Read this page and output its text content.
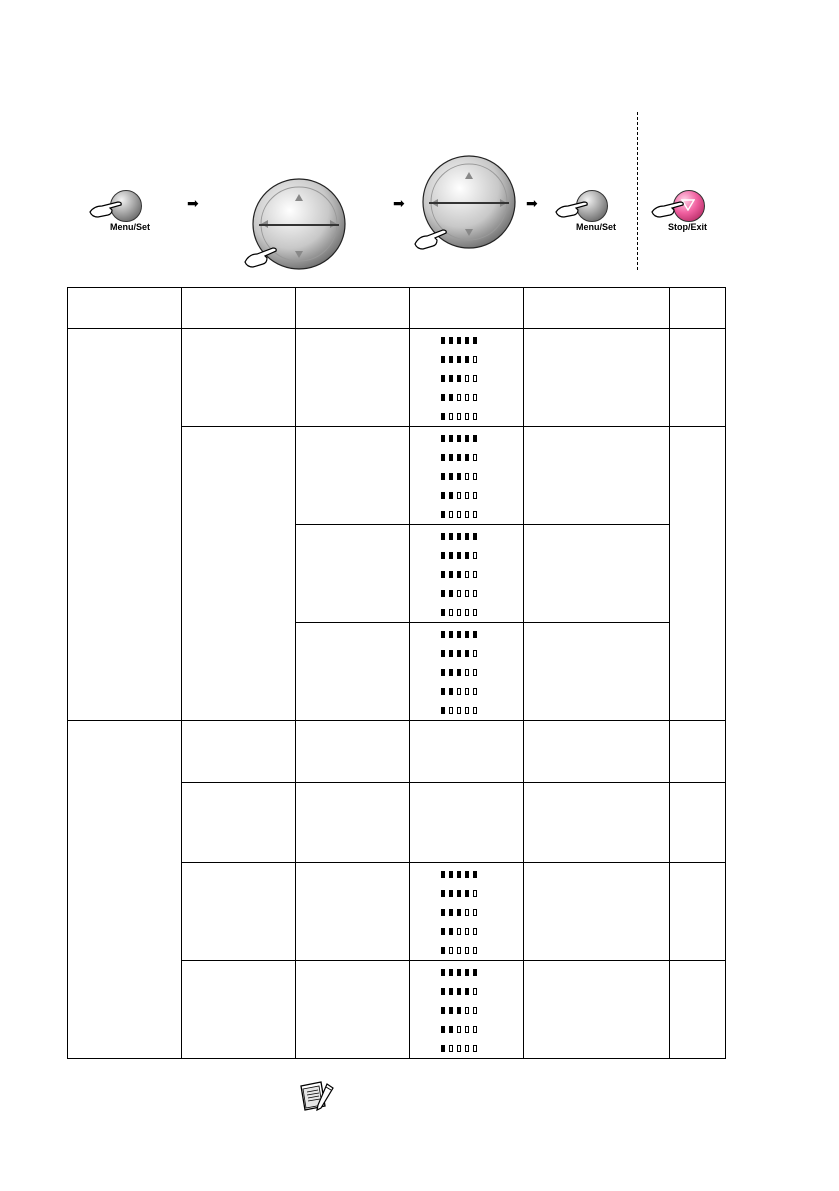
Menu/Set
➡	➡	➡
Menu/Set	Stop/Exit
